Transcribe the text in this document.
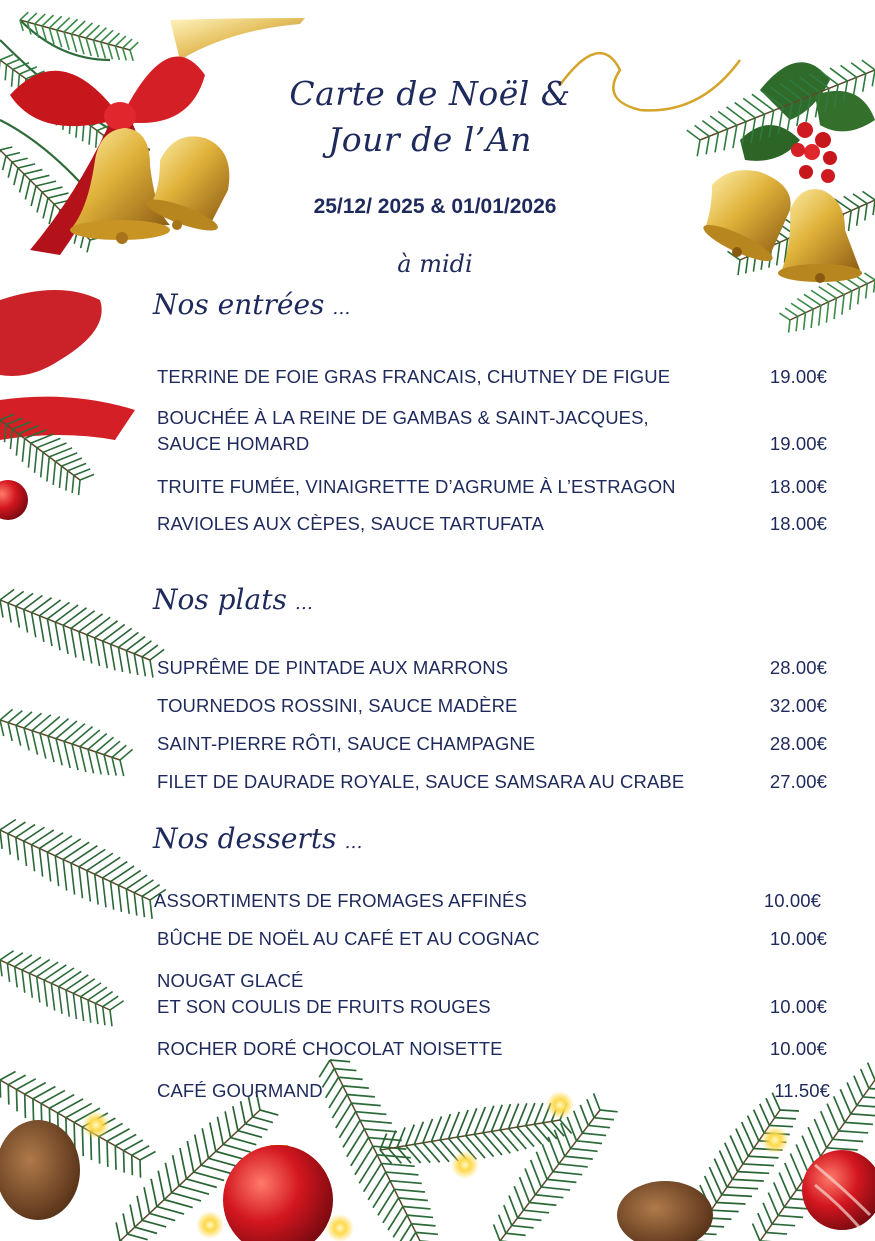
Carte de Noël &
Jour de l’An
25/12/ 2025 & 01/01/2026
à midi
Nos entrées …
TERRINE DE FOIE GRAS FRANCAIS, CHUTNEY DE FIGUE	19.00€
BOUCHÉE À LA REINE DE GAMBAS & SAINT-JACQUES,
SAUCE HOMARD	19.00€
TRUITE FUMÉE, VINAIGRETTE D’AGRUME À L’ESTRAGON	18.00€
RAVIOLES AUX CÈPES, SAUCE TARTUFATA	18.00€
Nos plats …
SUPRÊME DE PINTADE AUX MARRONS	28.00€
TOURNEDOS ROSSINI, SAUCE MADÈRE	32.00€
SAINT-PIERRE RÔTI, SAUCE CHAMPAGNE	28.00€
FILET DE DAURADE ROYALE, SAUCE SAMSARA AU CRABE	27.00€
Nos desserts …
ASSORTIMENTS DE FROMAGES AFFINÉS	10.00€
BÛCHE DE NOËL AU CAFÉ ET AU COGNAC	10.00€
NOUGAT GLACÉ
ET SON COULIS DE FRUITS ROUGES	10.00€
ROCHER DORÉ CHOCOLAT NOISETTE	10.00€
CAFÉ GOURMAND	11.50€
